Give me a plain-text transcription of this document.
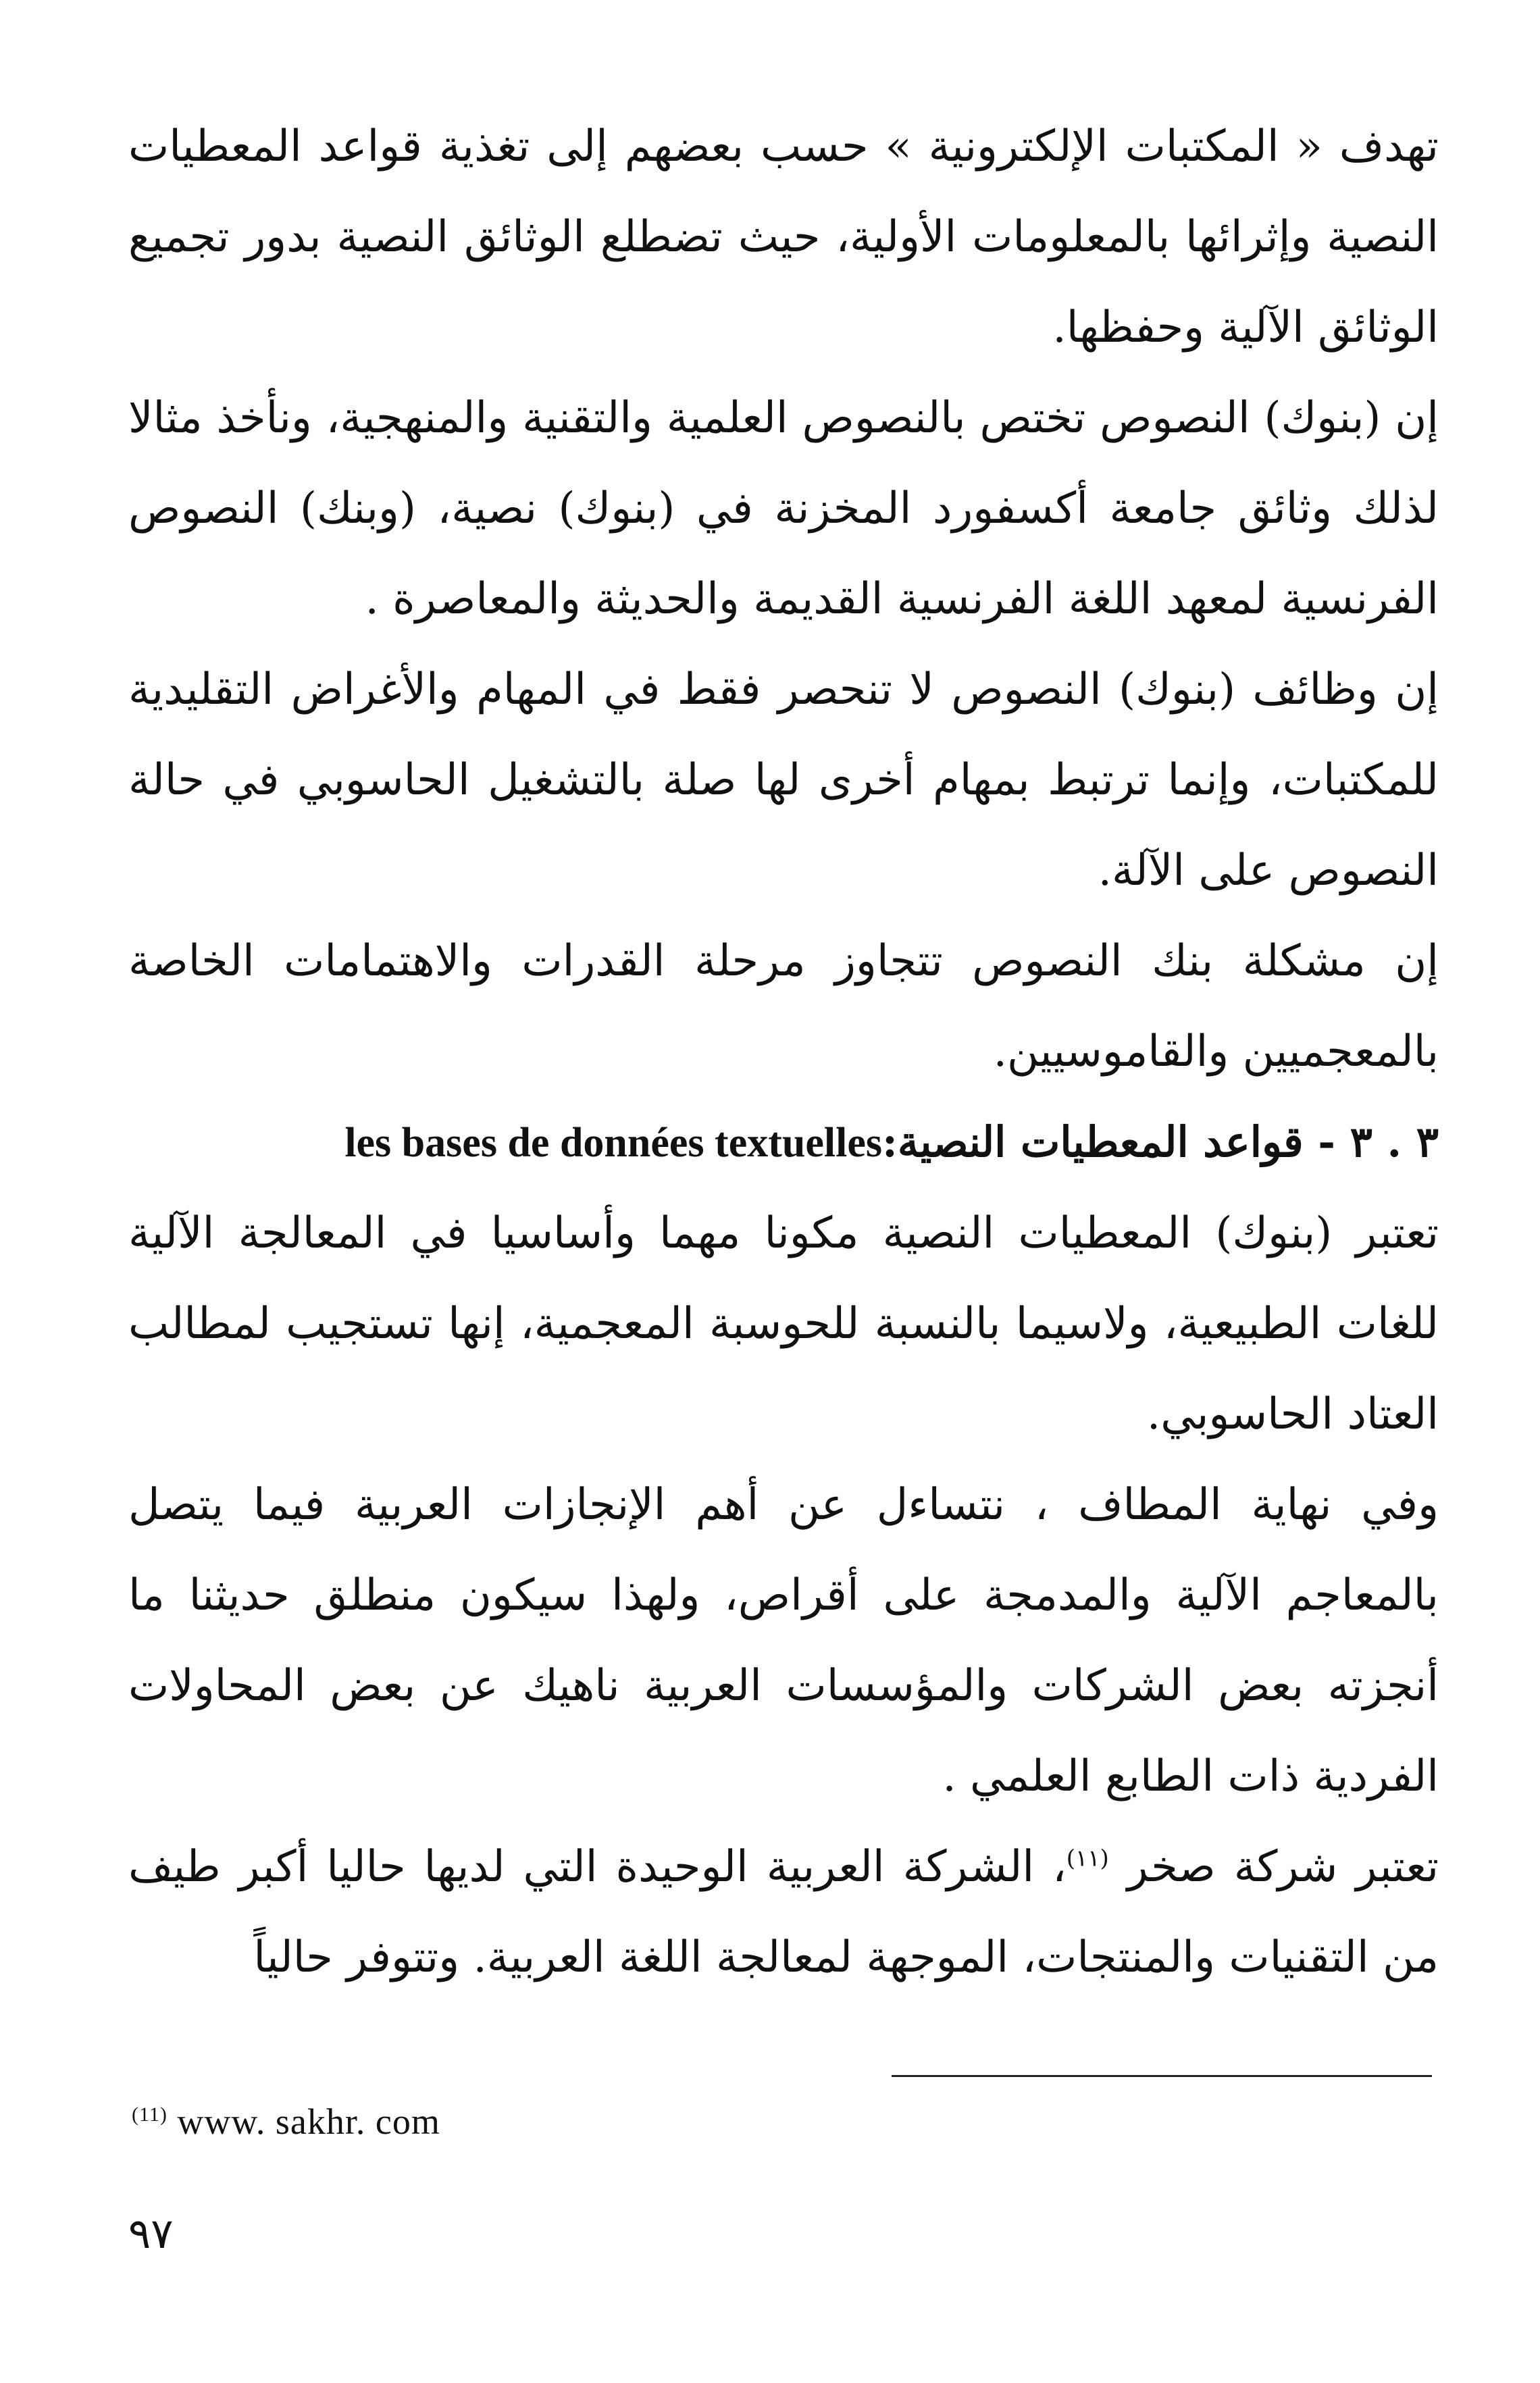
تهدف « المكتبات الإلكترونية » حسب بعضهم إلى تغذية قواعد المعطيات النصية وإثرائها بالمعلومات الأولية، حيث تضطلع الوثائق النصية بدور تجميع الوثائق الآلية وحفظها.

إن (بنوك) النصوص تختص بالنصوص العلمية والتقنية والمنهجية، ونأخذ مثالا لذلك وثائق جامعة أكسفورد المخزنة في (بنوك) نصية، (وبنك) النصوص الفرنسية لمعهد اللغة الفرنسية القديمة والحديثة والمعاصرة .

إن وظائف (بنوك) النصوص لا تنحصر فقط في المهام والأغراض التقليدية للمكتبات، وإنما ترتبط بمهام أخرى لها صلة بالتشغيل الحاسوبي في حالة النصوص على الآلة.

إن مشكلة بنك النصوص تتجاوز مرحلة القدرات والاهتمامات الخاصة بالمعجميين والقاموسيين.

٣ . ٣ - قواعد المعطيات النصية:les bases de données textuelles

تعتبر (بنوك) المعطيات النصية مكونا مهما وأساسيا في المعالجة الآلية للغات الطبيعية، ولاسيما بالنسبة للحوسبة المعجمية، إنها تستجيب لمطالب العتاد الحاسوبي.

وفي نهاية المطاف ، نتساءل عن أهم الإنجازات العربية فيما يتصل بالمعاجم الآلية والمدمجة على أقراص، ولهذا سيكون منطلق حديثنا ما أنجزته بعض الشركات والمؤسسات العربية ناهيك عن بعض المحاولات الفردية ذات الطابع العلمي .

تعتبر شركة صخر $^{(١١)}$، الشركة العربية الوحيدة التي لديها حاليا أكبر طيف من التقنيات والمنتجات، الموجهة لمعالجة اللغة العربية. وتتوفر حالياً

$^{(11)}$ www. sakhr. com
٩٧
